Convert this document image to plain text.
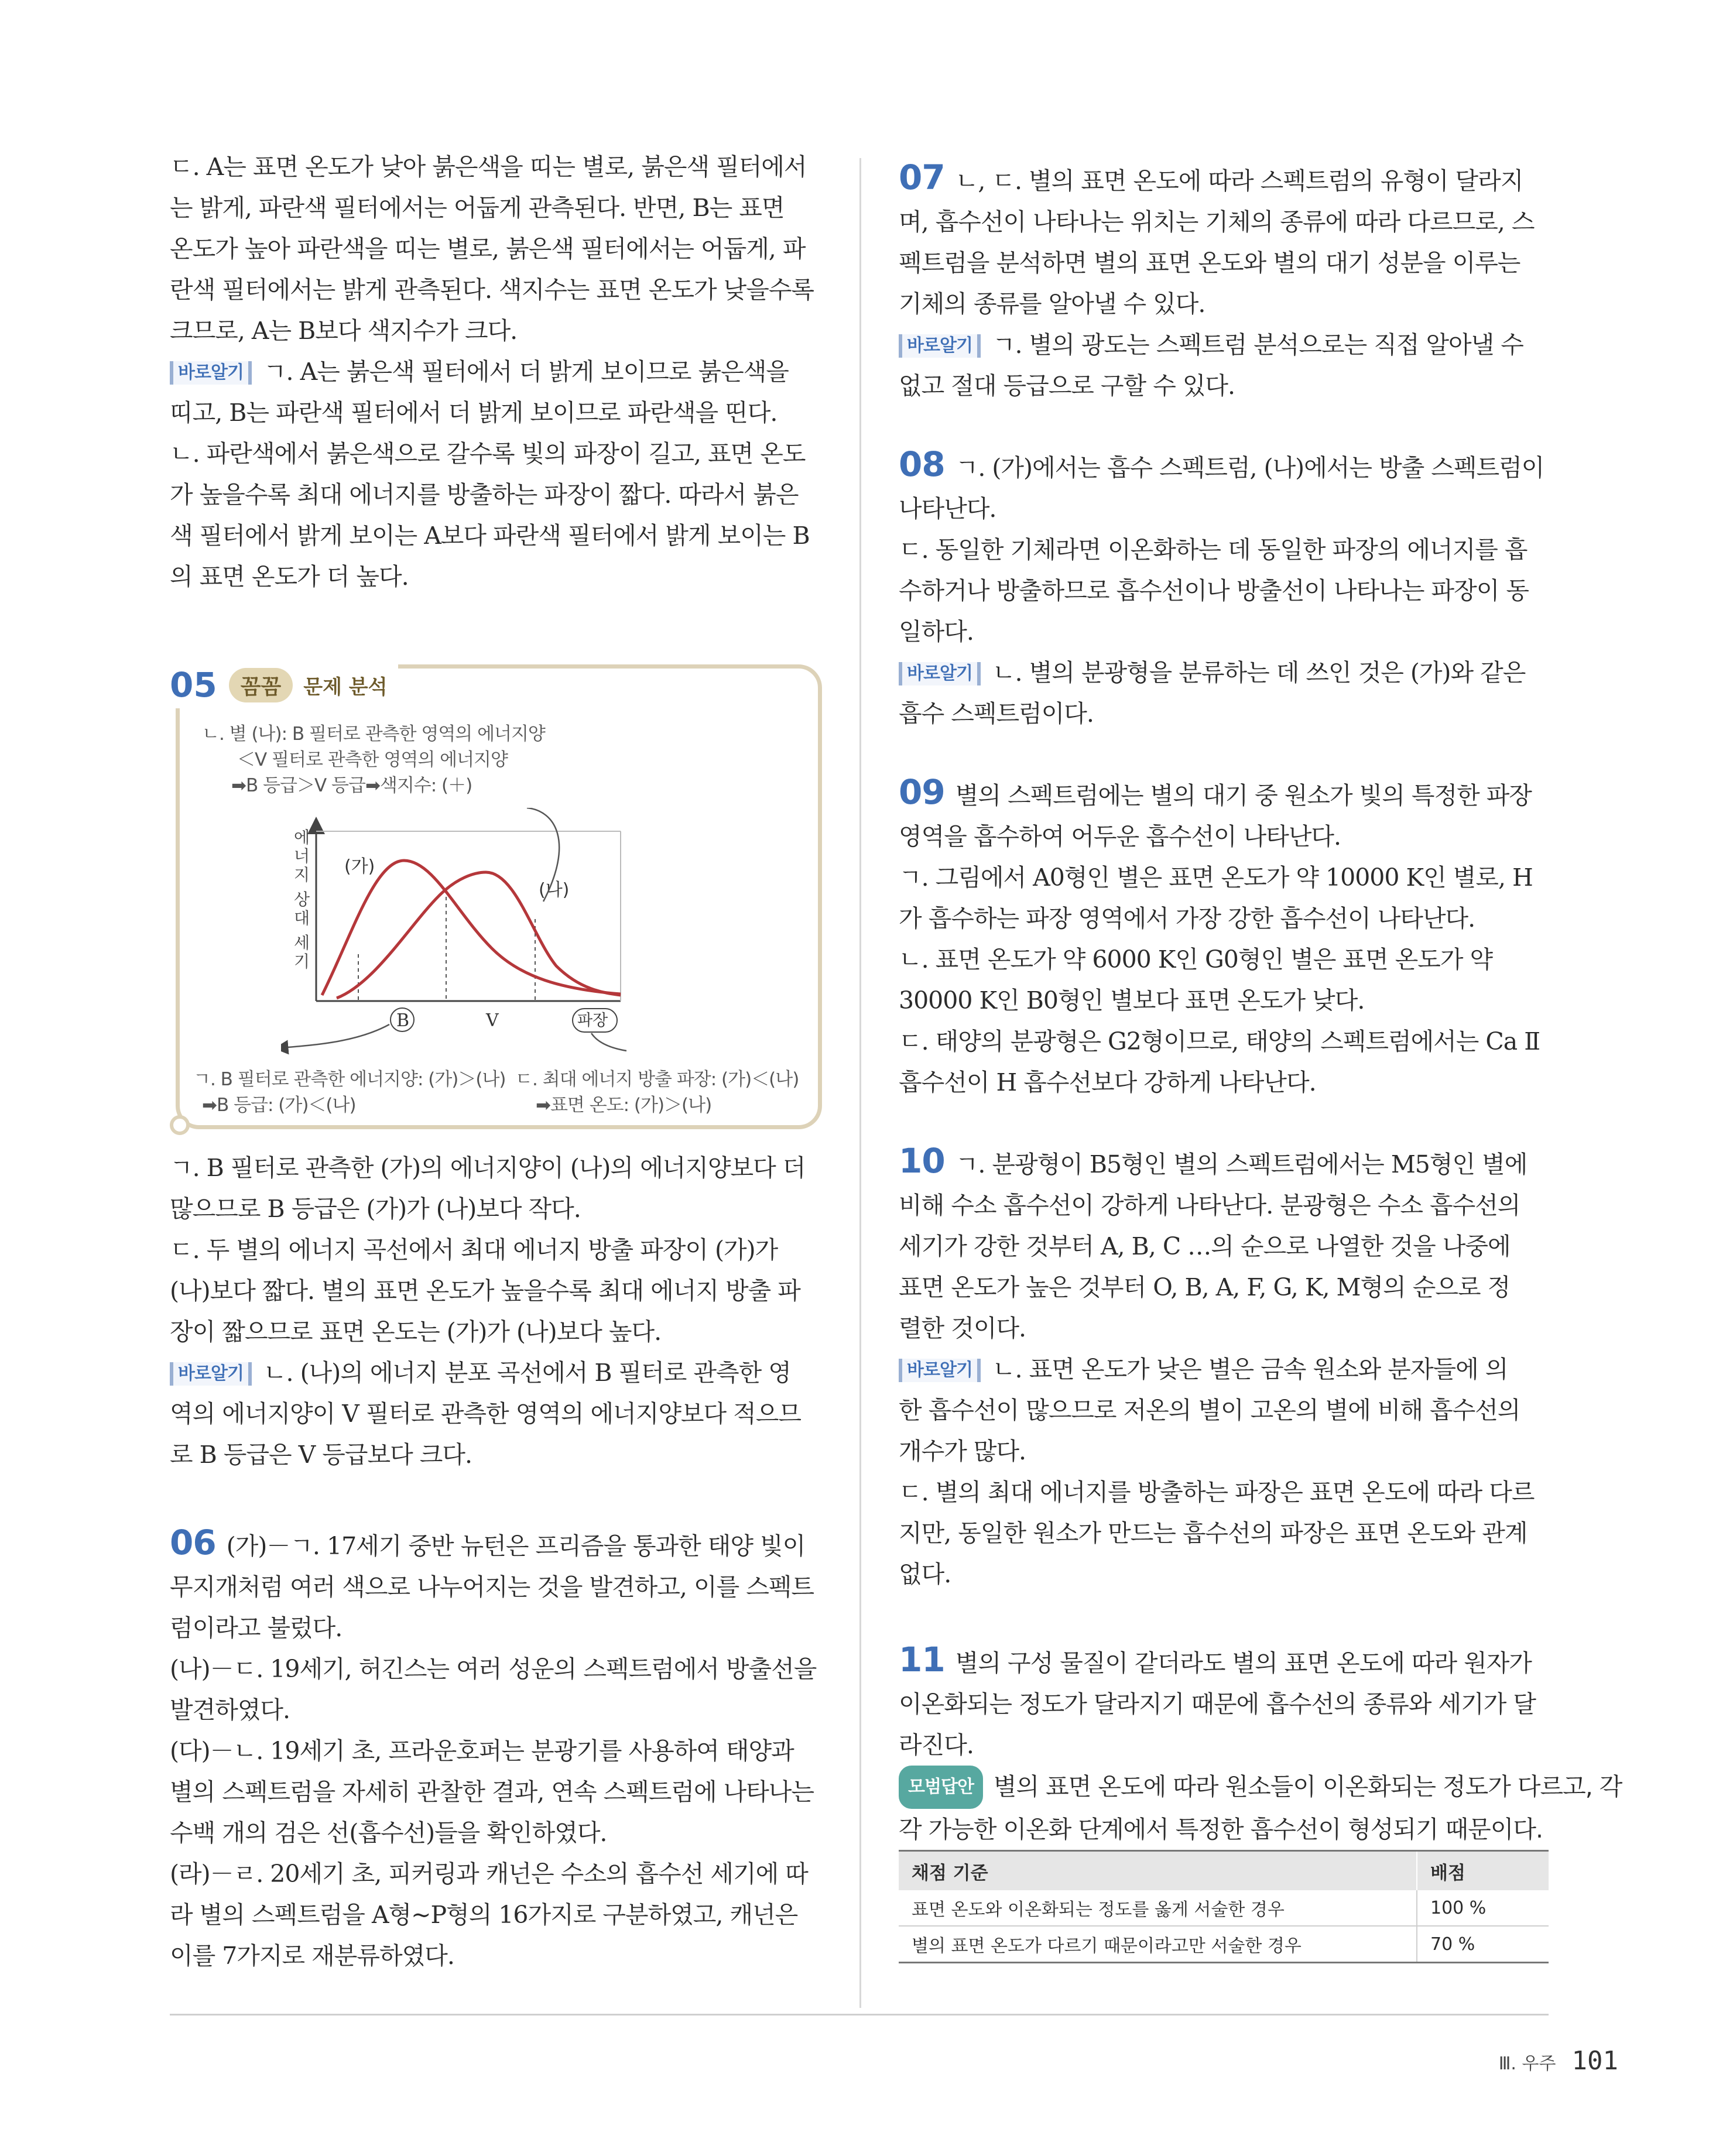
ㄷ. A는 표면 온도가 낮아 붉은색을 띠는 별로, 붉은색 필터에서

는 밝게, 파란색 필터에서는 어둡게 관측된다. 반면, B는 표면

온도가 높아 파란색을 띠는 별로, 붉은색 필터에서는 어둡게, 파

란색 필터에서는 밝게 관측된다. 색지수는 표면 온도가 낮을수록

크므로, A는 B보다 색지수가 크다.

바로알기 ㄱ. A는 붉은색 필터에서 더 밝게 보이므로 붉은색을

띠고, B는 파란색 필터에서 더 밝게 보이므로 파란색을 띤다.

ㄴ. 파란색에서 붉은색으로 갈수록 빛의 파장이 길고, 표면 온도

가 높을수록 최대 에너지를 방출하는 파장이 짧다. 따라서 붉은

색 필터에서 밝게 보이는 A보다 파란색 필터에서 밝게 보이는 B

의 표면 온도가 더 높다.

05	꼼꼼	문제 분석
ㄴ. 별 (나): B 필터로 관측한 영역의 에너지양
＜V 필터로 관측한 영역의 에너지양
➡B 등급＞V 등급➡색지수: (＋)
에
너
지
상
대
세
기
(가)
(나)
B	V	파장
ㄱ. B 필터로 관측한 에너지양: (가)＞(나)
➡B 등급: (가)＜(나)
ㄷ. 최대 에너지 방출 파장: (가)＜(나)
➡표면 온도: (가)＞(나)

ㄱ. B 필터로 관측한 (가)의 에너지양이 (나)의 에너지양보다 더

많으므로 B 등급은 (가)가 (나)보다 작다.

ㄷ. 두 별의 에너지 곡선에서 최대 에너지 방출 파장이 (가)가

(나)보다 짧다. 별의 표면 온도가 높을수록 최대 에너지 방출 파

장이 짧으므로 표면 온도는 (가)가 (나)보다 높다.

바로알기 ㄴ. (나)의 에너지 분포 곡선에서 B 필터로 관측한 영

역의 에너지양이 V 필터로 관측한 영역의 에너지양보다 적으므

로 B 등급은 V 등급보다 크다.

06 (가)－ㄱ. 17세기 중반 뉴턴은 프리즘을 통과한 태양 빛이

무지개처럼 여러 색으로 나누어지는 것을 발견하고, 이를 스펙트

럼이라고 불렀다.

(나)－ㄷ. 19세기, 허긴스는 여러 성운의 스펙트럼에서 방출선을

발견하였다.

(다)－ㄴ. 19세기 초, 프라운호퍼는 분광기를 사용하여 태양과

별의 스펙트럼을 자세히 관찰한 결과, 연속 스펙트럼에 나타나는

수백 개의 검은 선(흡수선)들을 확인하였다.

(라)－ㄹ. 20세기 초, 피커링과 캐넌은 수소의 흡수선 세기에 따

라 별의 스펙트럼을 A형~P형의 16가지로 구분하였고, 캐넌은

이를 7가지로 재분류하였다.

07 ㄴ, ㄷ. 별의 표면 온도에 따라 스펙트럼의 유형이 달라지

며, 흡수선이 나타나는 위치는 기체의 종류에 따라 다르므로, 스

펙트럼을 분석하면 별의 표면 온도와 별의 대기 성분을 이루는

기체의 종류를 알아낼 수 있다.

바로알기 ㄱ. 별의 광도는 스펙트럼 분석으로는 직접 알아낼 수

없고 절대 등급으로 구할 수 있다.

08 ㄱ. (가)에서는 흡수 스펙트럼, (나)에서는 방출 스펙트럼이

나타난다.

ㄷ. 동일한 기체라면 이온화하는 데 동일한 파장의 에너지를 흡

수하거나 방출하므로 흡수선이나 방출선이 나타나는 파장이 동

일하다.

바로알기 ㄴ. 별의 분광형을 분류하는 데 쓰인 것은 (가)와 같은

흡수 스펙트럼이다.

09 별의 스펙트럼에는 별의 대기 중 원소가 빛의 특정한 파장

영역을 흡수하여 어두운 흡수선이 나타난다.

ㄱ. 그림에서 A0형인 별은 표면 온도가 약 10000 K인 별로, H

가 흡수하는 파장 영역에서 가장 강한 흡수선이 나타난다.

ㄴ. 표면 온도가 약 6000 K인 G0형인 별은 표면 온도가 약

30000 K인 B0형인 별보다 표면 온도가 낮다.

ㄷ. 태양의 분광형은 G2형이므로, 태양의 스펙트럼에서는 Ca Ⅱ

흡수선이 H 흡수선보다 강하게 나타난다.

10 ㄱ. 분광형이 B5형인 별의 스펙트럼에서는 M5형인 별에

비해 수소 흡수선이 강하게 나타난다. 분광형은 수소 흡수선의

세기가 강한 것부터 A, B, C …의 순으로 나열한 것을 나중에

표면 온도가 높은 것부터 O, B, A, F, G, K, M형의 순으로 정

렬한 것이다.

바로알기 ㄴ. 표면 온도가 낮은 별은 금속 원소와 분자들에 의

한 흡수선이 많으므로 저온의 별이 고온의 별에 비해 흡수선의

개수가 많다.

ㄷ. 별의 최대 에너지를 방출하는 파장은 표면 온도에 따라 다르

지만, 동일한 원소가 만드는 흡수선의 파장은 표면 온도와 관계

없다.

11 별의 구성 물질이 같더라도 별의 표면 온도에 따라 원자가

이온화되는 정도가 달라지기 때문에 흡수선의 종류와 세기가 달

라진다.

모범답안 별의 표면 온도에 따라 원소들이 이온화되는 정도가 다르고, 각

각 가능한 이온화 단계에서 특정한 흡수선이 형성되기 때문이다.

채점 기준	배점
표면 온도와 이온화되는 정도를 옳게 서술한 경우	100 %
별의 표면 온도가 다르기 때문이라고만 서술한 경우	70 %
Ⅲ. 우주 101
